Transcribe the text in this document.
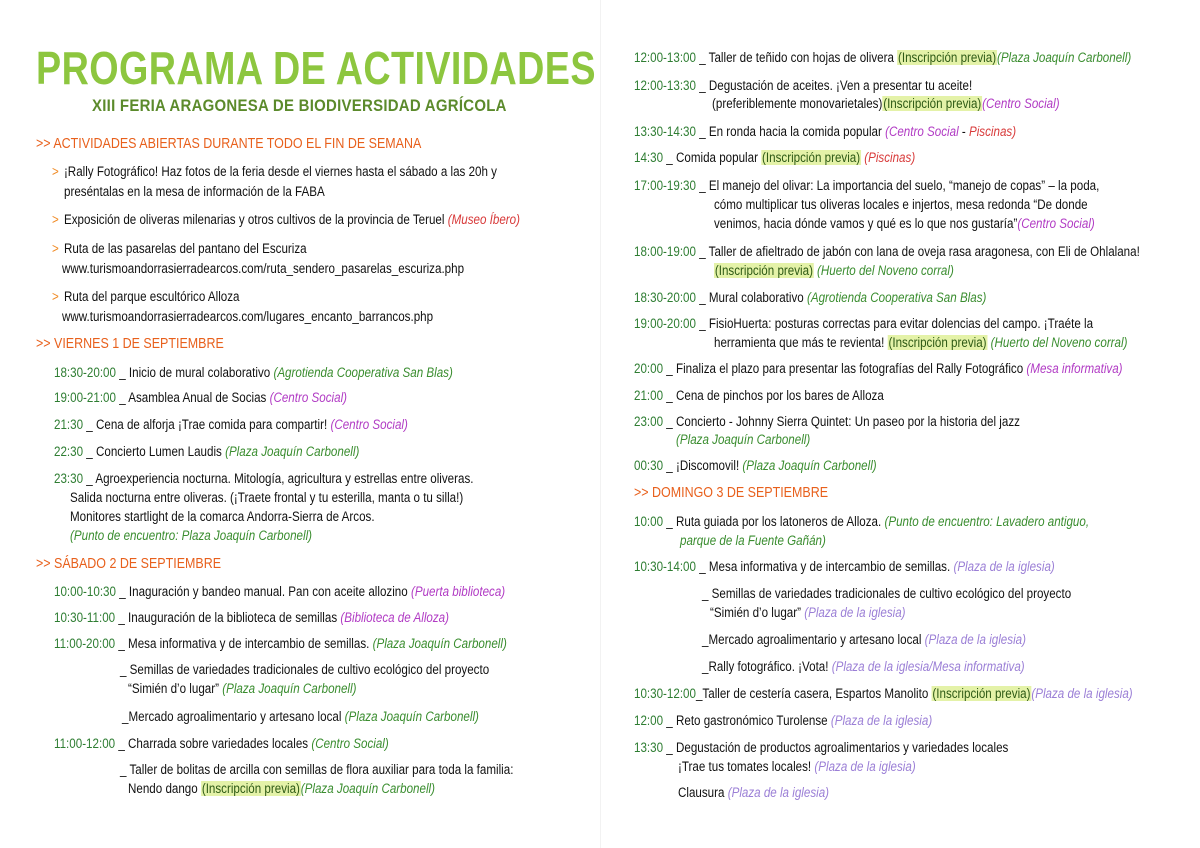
PROGRAMA DE ACTIVIDADES
XIII FERIA ARAGONESA DE BIODIVERSIDAD AGRÍCOLA
>> ACTIVIDADES ABIERTAS DURANTE TODO EL FIN DE SEMANA
> ¡Rally Fotográfico! Haz fotos de la feria desde el viernes hasta el sábado a las 20h y
preséntalas en la mesa de información de la FABA
> Exposición de oliveras milenarias y otros cultivos de la provincia de Teruel (Museo Íbero)
> Ruta de las pasarelas del pantano del Escuriza
www.turismoandorrasierradearcos.com/ruta_sendero_pasarelas_escuriza.php
> Ruta del parque escultórico Alloza
www.turismoandorrasierradearcos.com/lugares_encanto_barrancos.php
>> VIERNES 1 DE SEPTIEMBRE
18:30-20:00 _ Inicio de mural colaborativo (Agrotienda Cooperativa San Blas)
19:00-21:00 _ Asamblea Anual de Socias (Centro Social)
21:30 _ Cena de alforja ¡Trae comida para compartir! (Centro Social)
22:30 _ Concierto Lumen Laudis (Plaza Joaquín Carbonell)
23:30 _ Agroexperiencia nocturna. Mitología, agricultura y estrellas entre oliveras.
Salida nocturna entre oliveras. (¡Traete frontal y tu esterilla, manta o tu silla!)
Monitores startlight de la comarca Andorra-Sierra de Arcos.
(Punto de encuentro: Plaza Joaquín Carbonell)
>> SÁBADO 2 DE SEPTIEMBRE
10:00-10:30 _ Inaguración y bandeo manual. Pan con aceite allozino (Puerta biblioteca)
10:30-11:00 _ Inauguración de la biblioteca de semillas (Biblioteca de Alloza)
11:00-20:00 _ Mesa informativa y de intercambio de semillas. (Plaza Joaquín Carbonell)
_ Semillas de variedades tradicionales de cultivo ecológico del proyecto
“Simién d’o lugar” (Plaza Joaquín Carbonell)
_Mercado agroalimentario y artesano local (Plaza Joaquín Carbonell)
11:00-12:00 _ Charrada sobre variedades locales (Centro Social)
_ Taller de bolitas de arcilla con semillas de flora auxiliar para toda la familia:
Nendo dango (Inscripción previa)(Plaza Joaquín Carbonell)
12:00-13:00 _ Taller de teñido con hojas de olivera (Inscripción previa)(Plaza Joaquín Carbonell)
12:00-13:30 _ Degustación de aceites. ¡Ven a presentar tu aceite!
(preferiblemente monovarietales)(Inscripción previa)(Centro Social)
13:30-14:30 _ En ronda hacia la comida popular (Centro Social - Piscinas)
14:30 _ Comida popular (Inscripción previa) (Piscinas)
17:00-19:30 _ El manejo del olivar: La importancia del suelo, “manejo de copas” – la poda,
cómo multiplicar tus oliveras locales e injertos, mesa redonda “De donde
venimos, hacia dónde vamos y qué es lo que nos gustaría”(Centro Social)
18:00-19:00 _ Taller de afieltrado de jabón con lana de oveja rasa aragonesa, con Eli de Ohlalana!
(Inscripción previa) (Huerto del Noveno corral)
18:30-20:00 _ Mural colaborativo (Agrotienda Cooperativa San Blas)
19:00-20:00 _ FisioHuerta: posturas correctas para evitar dolencias del campo. ¡Traéte la
herramienta que más te revienta! (Inscripción previa) (Huerto del Noveno corral)
20:00 _ Finaliza el plazo para presentar las fotografías del Rally Fotográfico (Mesa informativa)
21:00 _ Cena de pinchos por los bares de Alloza
23:00 _ Concierto - Johnny Sierra Quintet: Un paseo por la historia del jazz
(Plaza Joaquín Carbonell)
00:30 _ ¡Discomovil! (Plaza Joaquín Carbonell)
>> DOMINGO 3 DE SEPTIEMBRE
10:00 _ Ruta guiada por los latoneros de Alloza. (Punto de encuentro: Lavadero antiguo,
parque de la Fuente Gañán)
10:30-14:00 _ Mesa informativa y de intercambio de semillas. (Plaza de la iglesia)
_ Semillas de variedades tradicionales de cultivo ecológico del proyecto
“Simién d’o lugar” (Plaza de la iglesia)
_Mercado agroalimentario y artesano local (Plaza de la iglesia)
_Rally fotográfico. ¡Vota! (Plaza de la iglesia/Mesa informativa)
10:30-12:00_Taller de cestería casera, Espartos Manolito (Inscripción previa)(Plaza de la iglesia)
12:00 _ Reto gastronómico Turolense (Plaza de la iglesia)
13:30 _ Degustación de productos agroalimentarios y variedades locales
¡Trae tus tomates locales! (Plaza de la iglesia)
Clausura (Plaza de la iglesia)
